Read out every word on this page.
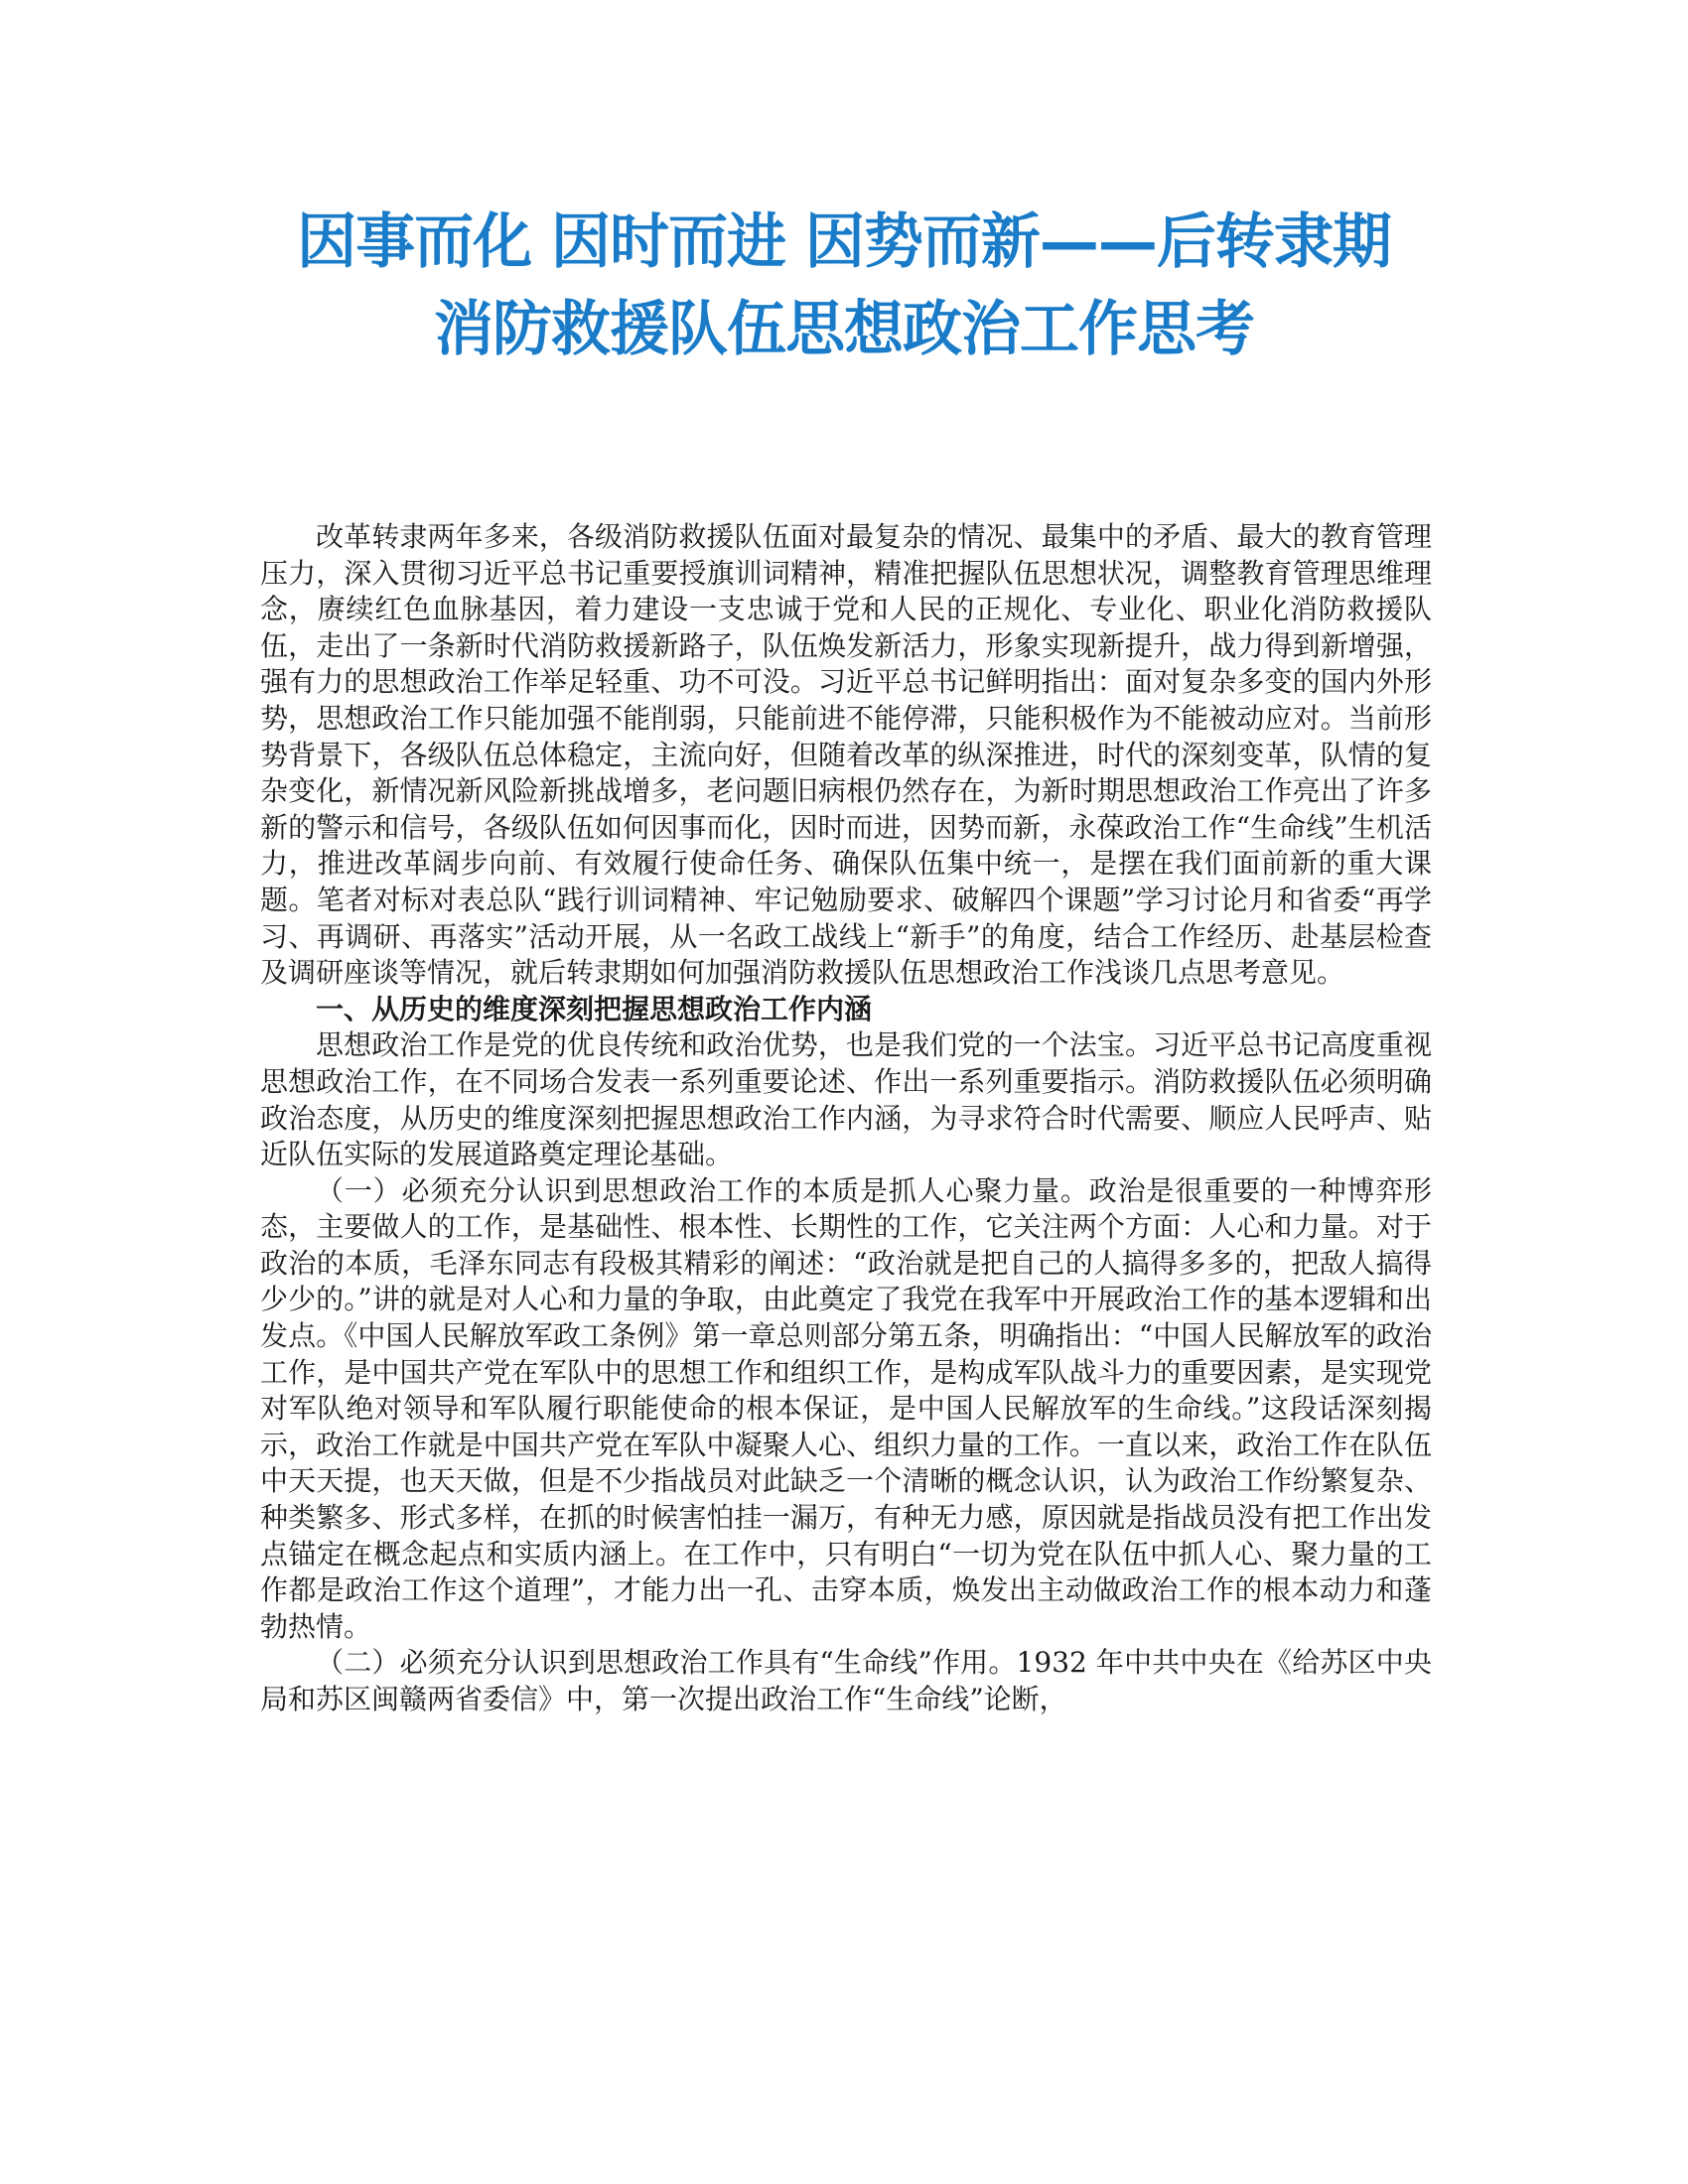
因事而化 因时而进 因势而新——后转隶期
消防救援队伍思想政治工作思考

改革转隶两年多来，各级消防救援队伍面对最复杂的情况、最集中的矛盾、最大的教育管理压力，深入贯彻习近平总书记重要授旗训词精神，精准把握队伍思想状况，调整教育管理思维理念，赓续红色血脉基因，着力建设一支忠诚于党和人民的正规化、专业化、职业化消防救援队伍，走出了一条新时代消防救援新路子，队伍焕发新活力，形象实现新提升，战力得到新增强，强有力的思想政治工作举足轻重、功不可没。习近平总书记鲜明指出：面对复杂多变的国内外形势，思想政治工作只能加强不能削弱，只能前进不能停滞，只能积极作为不能被动应对。当前形势背景下，各级队伍总体稳定，主流向好，但随着改革的纵深推进，时代的深刻变革，队情的复杂变化，新情况新风险新挑战增多，老问题旧病根仍然存在，为新时期思想政治工作亮出了许多新的警示和信号，各级队伍如何因事而化，因时而进，因势而新，永葆政治工作“生命线”生机活力，推进改革阔步向前、有效履行使命任务、确保队伍集中统一，是摆在我们面前新的重大课题。笔者对标对表总队“践行训词精神、牢记勉励要求、破解四个课题”学习讨论月和省委“再学习、再调研、再落实”活动开展，从一名政工战线上“新手”的角度，结合工作经历、赴基层检查及调研座谈等情况，就后转隶期如何加强消防救援队伍思想政治工作浅谈几点思考意见。

一、从历史的维度深刻把握思想政治工作内涵

思想政治工作是党的优良传统和政治优势，也是我们党的一个法宝。习近平总书记高度重视思想政治工作，在不同场合发表一系列重要论述、作出一系列重要指示。消防救援队伍必须明确政治态度，从历史的维度深刻把握思想政治工作内涵，为寻求符合时代需要、顺应人民呼声、贴近队伍实际的发展道路奠定理论基础。

（一）必须充分认识到思想政治工作的本质是抓人心聚力量。政治是很重要的一种博弈形态，主要做人的工作，是基础性、根本性、长期性的工作，它关注两个方面：人心和力量。对于政治的本质，毛泽东同志有段极其精彩的阐述：“政治就是把自己的人搞得多多的，把敌人搞得少少的。”讲的就是对人心和力量的争取，由此奠定了我党在我军中开展政治工作的基本逻辑和出发点。《中国人民解放军政工条例》第一章总则部分第五条，明确指出：“中国人民解放军的政治工作，是中国共产党在军队中的思想工作和组织工作，是构成军队战斗力的重要因素，是实现党对军队绝对领导和军队履行职能使命的根本保证，是中国人民解放军的生命线。”这段话深刻揭示，政治工作就是中国共产党在军队中凝聚人心、组织力量的工作。一直以来，政治工作在队伍中天天提，也天天做，但是不少指战员对此缺乏一个清晰的概念认识，认为政治工作纷繁复杂、种类繁多、形式多样，在抓的时候害怕挂一漏万，有种无力感，原因就是指战员没有把工作出发点锚定在概念起点和实质内涵上。在工作中，只有明白“一切为党在队伍中抓人心、聚力量的工作都是政治工作这个道理”，才能力出一孔、击穿本质，焕发出主动做政治工作的根本动力和蓬勃热情。

（二）必须充分认识到思想政治工作具有“生命线”作用。1932 年中共中央在《给苏区中央局和苏区闽赣两省委信》中，第一次提出政治工作“生命线”论断，
